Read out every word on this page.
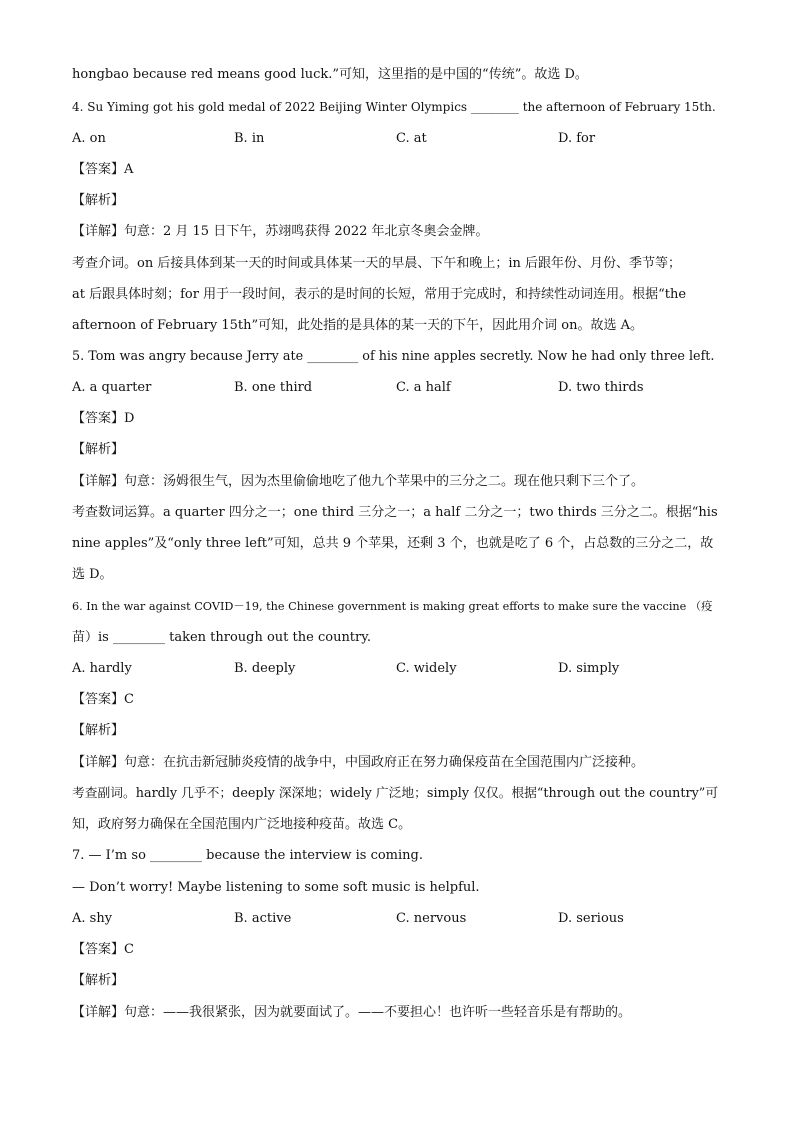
hongbao because red means good luck.”可知，这里指的是中国的“传统”。故选 D。
4. Su Yiming got his gold medal of 2022 Beijing Winter Olympics ________ the afternoon of February 15th.
A. on	B. in	C. at	D. for
【答案】A
【解析】
【详解】句意：2 月 15 日下午，苏翊鸣获得 2022 年北京冬奥会金牌。
考查介词。on 后接具体到某一天的时间或具体某一天的早晨、下午和晚上；in 后跟年份、月份、季节等；
at 后跟具体时刻；for 用于一段时间，表示的是时间的长短，常用于完成时，和持续性动词连用。根据“the
afternoon of February 15th”可知，此处指的是具体的某一天的下午，因此用介词 on。故选 A。
5. Tom was angry because Jerry ate ________ of his nine apples secretly. Now he had only three left.
A. a quarter	B. one third	C. a half	D. two thirds
【答案】D
【解析】
【详解】句意：汤姆很生气，因为杰里偷偷地吃了他九个苹果中的三分之二。现在他只剩下三个了。
考查数词运算。a quarter 四分之一；one third 三分之一；a half 二分之一；two thirds 三分之二。根据“his
nine apples”及“only three left”可知，总共 9 个苹果，还剩 3 个，也就是吃了 6 个，占总数的三分之二，故
选 D。
6. In the war against COVID－19, the Chinese government is making great efforts to make sure the vaccine （疫
苗）is ________ taken through out the country.
A. hardly	B. deeply	C. widely	D. simply
【答案】C
【解析】
【详解】句意：在抗击新冠肺炎疫情的战争中，中国政府正在努力确保疫苗在全国范围内广泛接种。
考查副词。hardly 几乎不；deeply 深深地；widely 广泛地；simply 仅仅。根据“through out the country”可
知，政府努力确保在全国范围内广泛地接种疫苗。故选 C。
7. — I’m so ________ because the interview is coming.
— Don’t worry! Maybe listening to some soft music is helpful.
A. shy	B. active	C. nervous	D. serious
【答案】C
【解析】
【详解】句意：——我很紧张，因为就要面试了。——不要担心！也许听一些轻音乐是有帮助的。
